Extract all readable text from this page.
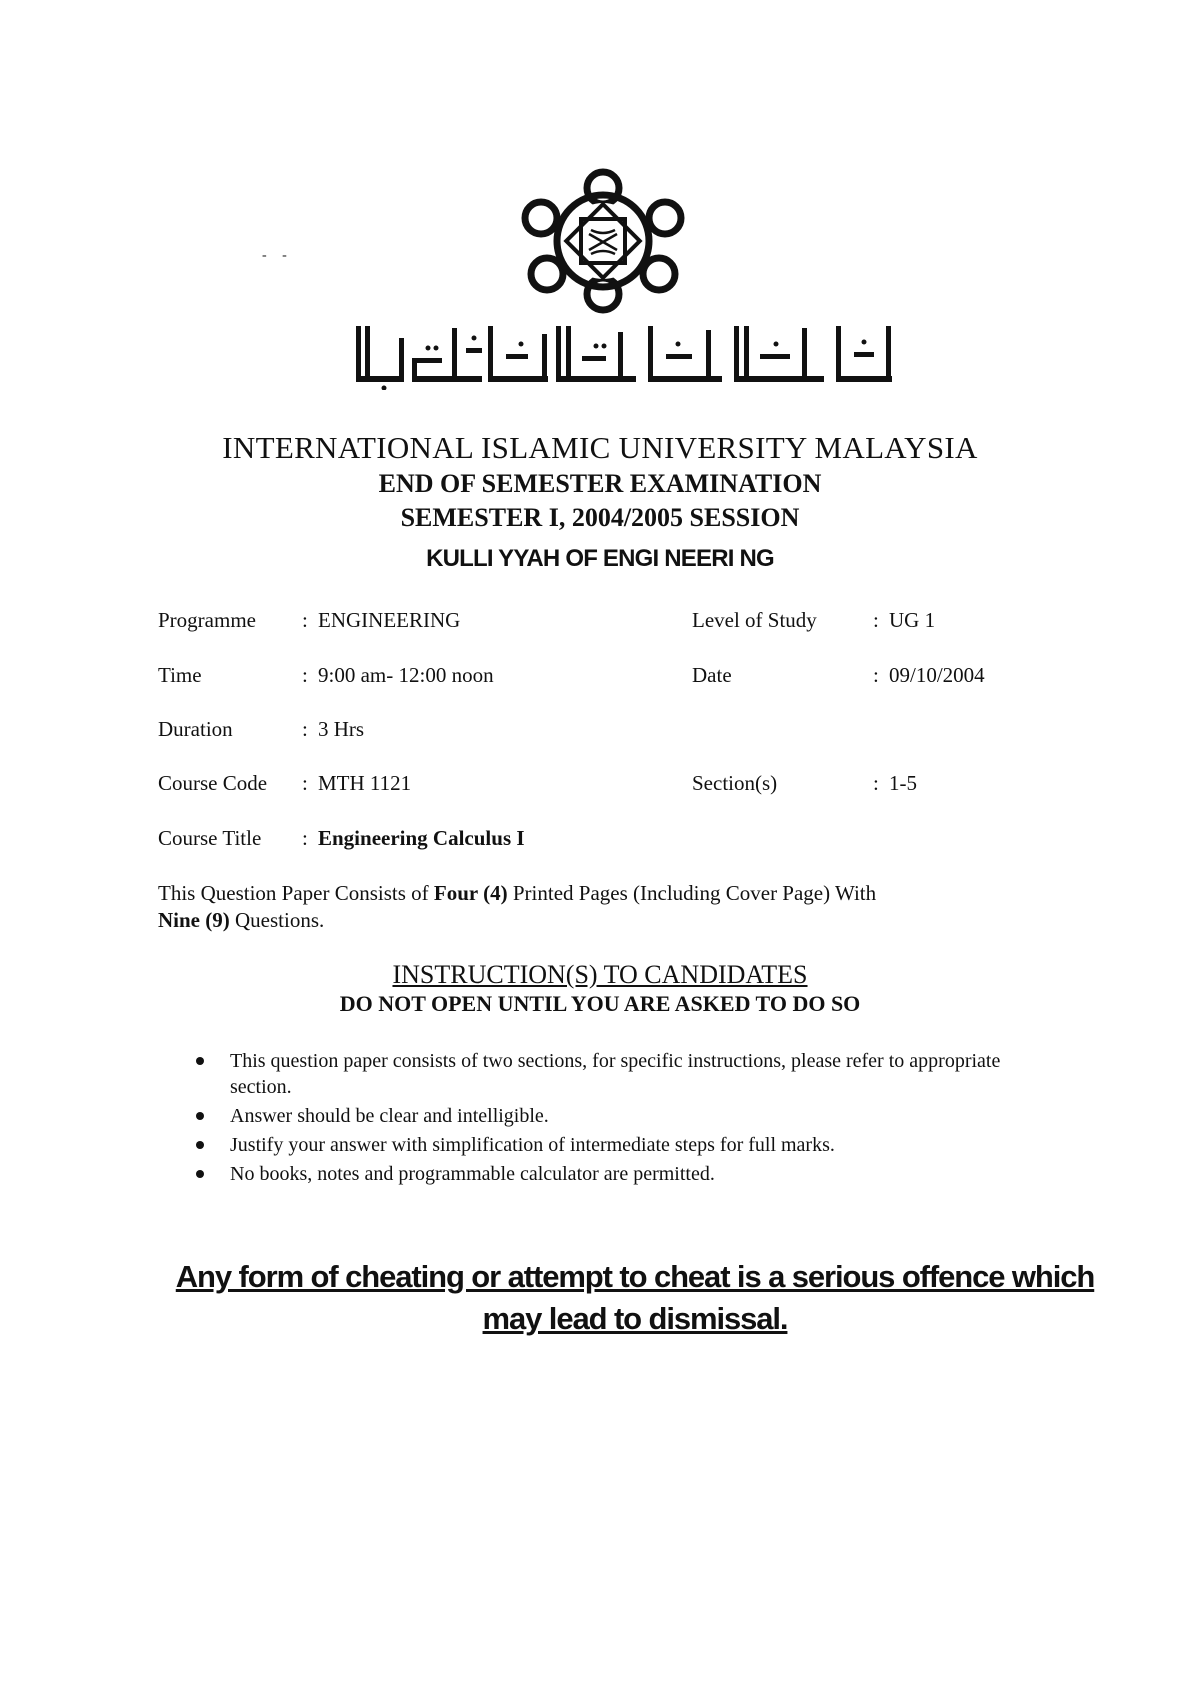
- -
INTERNATIONAL ISLAMIC UNIVERSITY MALAYSIA
END OF SEMESTER EXAMINATION
SEMESTER I, 2004/2005 SESSION
KULLI YYAH OF ENGI NEERI NG
Programme : ENGINEERING	Level of Study	: UG 1
Time	: 9:00 am- 12:00 noon	Date	: 09/10/2004
Duration	: 3 Hrs
Course Code : MTH 1121	Section(s)	: 1-5
Course Title : Engineering Calculus I
This Question Paper Consists of Four (4) Printed Pages (Including Cover Page) With
Nine (9) Questions.
INSTRUCTION(S) TO CANDIDATES
DO NOT OPEN UNTIL YOU ARE ASKED TO DO SO
This question paper consists of two sections, for specific instructions, please refer to appropriate section.
Answer should be clear and intelligible.
Justify your answer with simplification of intermediate steps for full marks.
No books, notes and programmable calculator are permitted.
Any form of cheating or attempt to cheat is a serious offence which may lead to dismissal.
